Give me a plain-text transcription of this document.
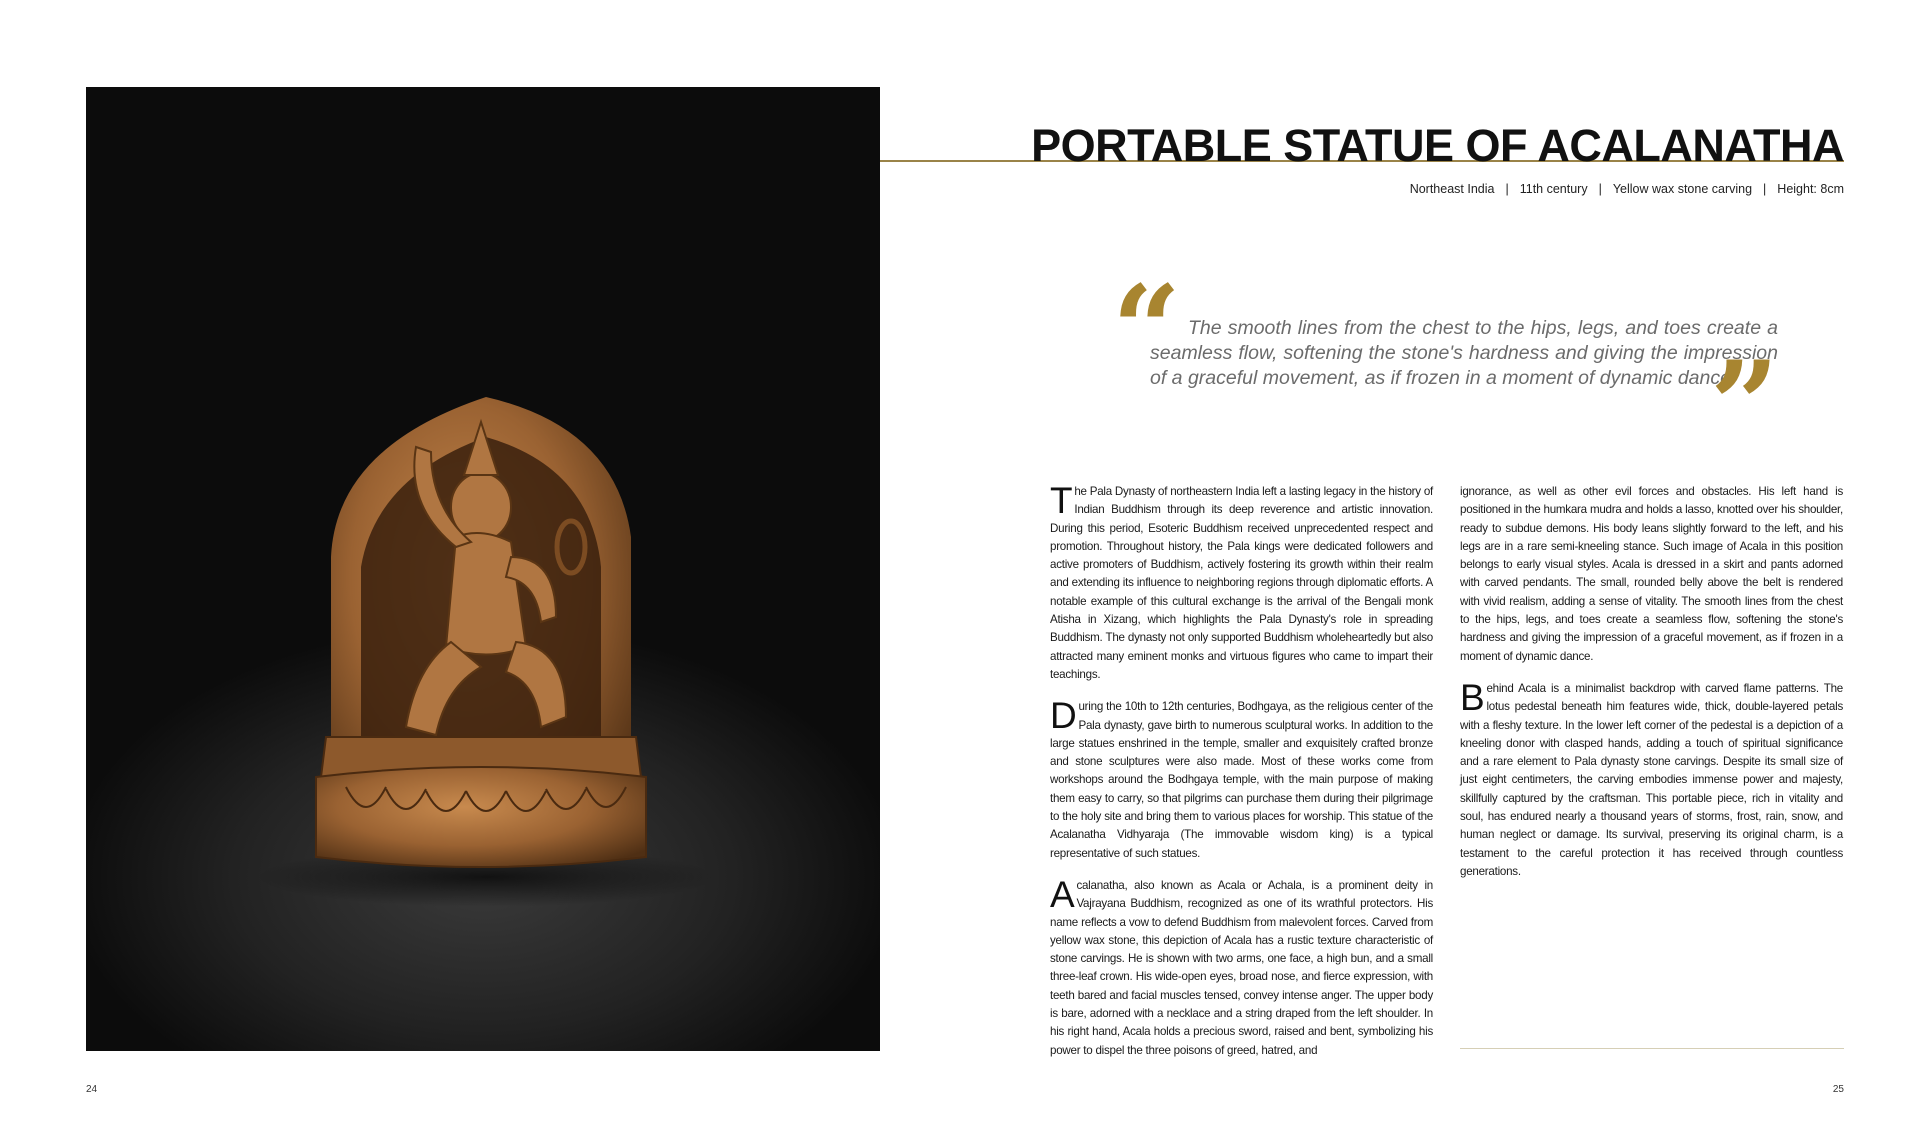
24
PORTABLE STATUE OF ACALANATHA
Northeast India | 11th century | Yellow wax stone carving | Height: 8cm
“ The smooth lines from the chest to the hips, legs, and toes create a seamless flow, softening the stone's hardness and giving the impression of a graceful movement, as if frozen in a moment of dynamic dance.

”

The Pala Dynasty of northeastern India left a lasting legacy in the history of Indian Buddhism through its deep reverence and artistic innovation. During this period, Esoteric Buddhism received unprecedented respect and promotion. Throughout history, the Pala kings were dedicated followers and active promoters of Buddhism, actively fostering its growth within their realm and extending its influence to neighboring regions through diplomatic efforts. A notable example of this cultural exchange is the arrival of the Bengali monk Atisha in Xizang, which highlights the Pala Dynasty's role in spreading Buddhism. The dynasty not only supported Buddhism wholeheartedly but also attracted many eminent monks and virtuous figures who came to impart their teachings.

During the 10th to 12th centuries, Bodhgaya, as the religious center of the Pala dynasty, gave birth to numerous sculptural works. In addition to the large statues enshrined in the temple, smaller and exquisitely crafted bronze and stone sculptures were also made. Most of these works come from workshops around the Bodhgaya temple, with the main purpose of making them easy to carry, so that pilgrims can purchase them during their pilgrimage to the holy site and bring them to various places for worship. This statue of the Acalanatha Vidhyaraja (The immovable wisdom king) is a typical representative of such statues.

Acalanatha, also known as Acala or Achala, is a prominent deity in Vajrayana Buddhism, recognized as one of its wrathful protectors. His name reflects a vow to defend Buddhism from malevolent forces. Carved from yellow wax stone, this depiction of Acala has a rustic texture characteristic of stone carvings. He is shown with two arms, one face, a high bun, and a small three-leaf crown. His wide-open eyes, broad nose, and fierce expression, with teeth bared and facial muscles tensed, convey intense anger. The upper body is bare, adorned with a necklace and a string draped from the left shoulder. In his right hand, Acala holds a precious sword, raised and bent, symbolizing his power to dispel the three poisons of greed, hatred, and

ignorance, as well as other evil forces and obstacles. His left hand is positioned in the humkara mudra and holds a lasso, knotted over his shoulder, ready to subdue demons. His body leans slightly forward to the left, and his legs are in a rare semi-kneeling stance. Such image of Acala in this position belongs to early visual styles. Acala is dressed in a skirt and pants adorned with carved pendants. The small, rounded belly above the belt is rendered with vivid realism, adding a sense of vitality. The smooth lines from the chest to the hips, legs, and toes create a seamless flow, softening the stone's hardness and giving the impression of a graceful movement, as if frozen in a moment of dynamic dance.

Behind Acala is a minimalist backdrop with carved flame patterns. The lotus pedestal beneath him features wide, thick, double-layered petals with a fleshy texture. In the lower left corner of the pedestal is a depiction of a kneeling donor with clasped hands, adding a touch of spiritual significance and a rare element to Pala dynasty stone carvings. Despite its small size of just eight centimeters, the carving embodies immense power and majesty, skillfully captured by the craftsman. This portable piece, rich in vitality and soul, has endured nearly a thousand years of storms, frost, rain, snow, and human neglect or damage. Its survival, preserving its original charm, is a testament to the careful protection it has received through countless generations.

25
